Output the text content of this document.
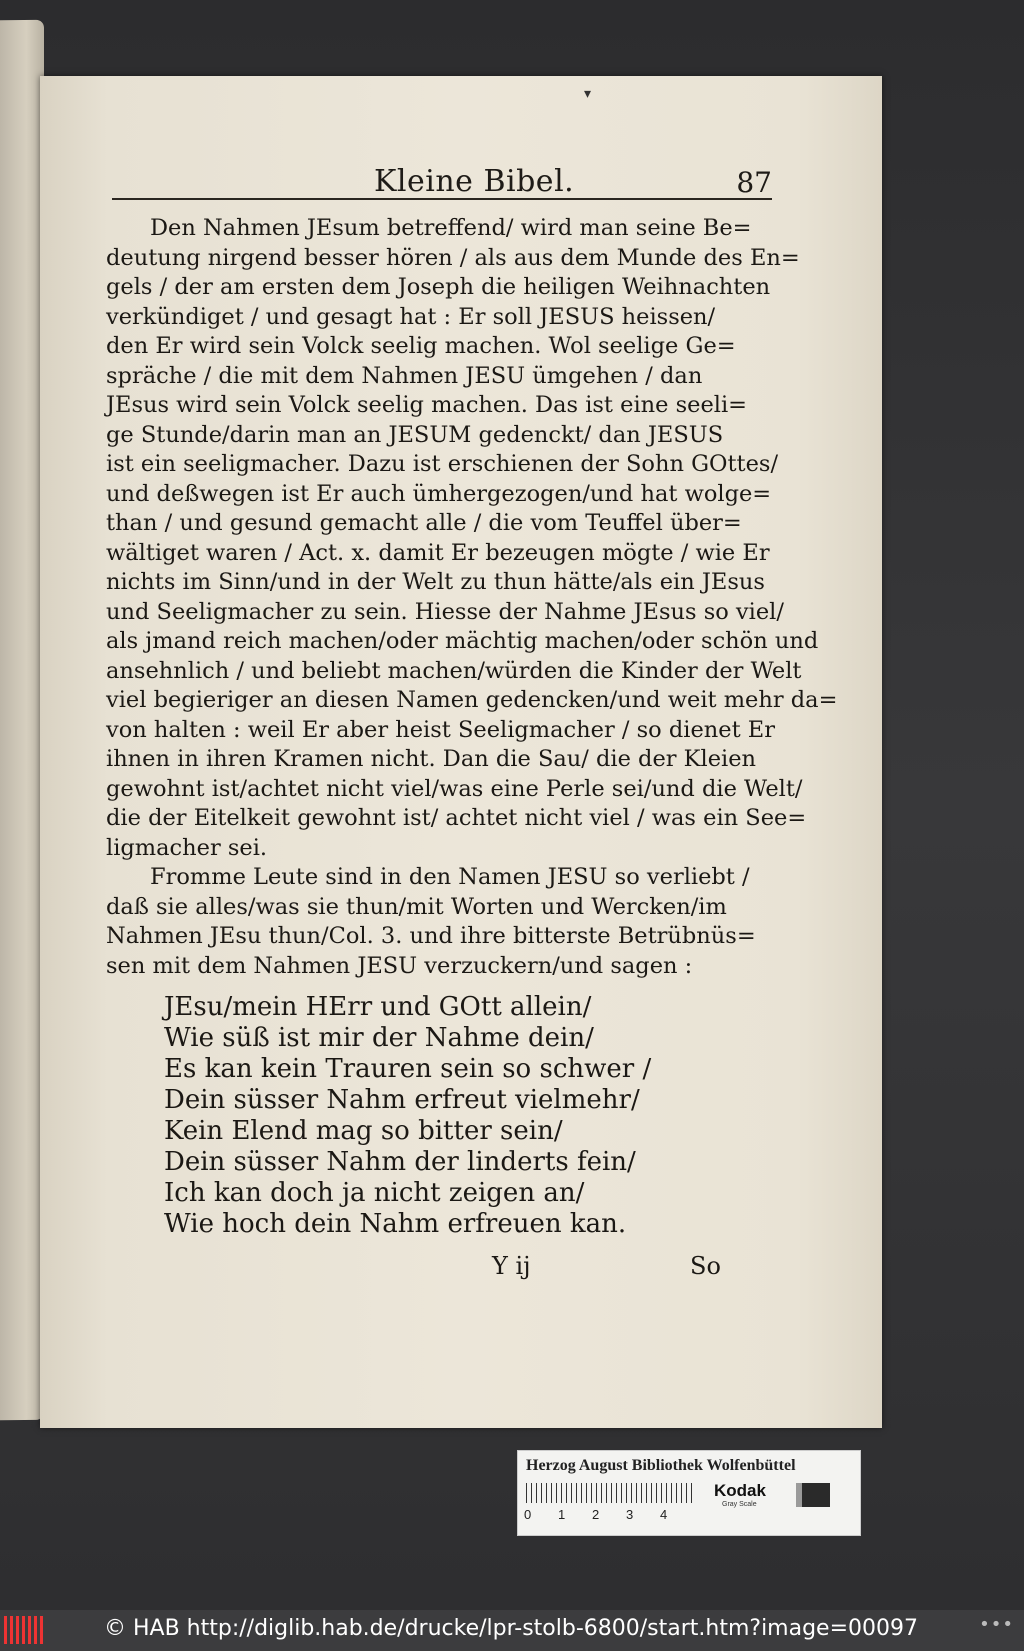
▾
Kleine Bibel.	87
Den Nahmen JEsum betreffend/ wird man seine Be=
deutung nirgend besser hören / als aus dem Munde des En=
gels / der am ersten dem Joseph die heiligen Weihnachten
verkündiget / und gesagt hat : Er soll JESUS heissen/
den Er wird sein Volck seelig machen. Wol seelige Ge=
spräche / die mit dem Nahmen JESU ümgehen / dan
JEsus wird sein Volck seelig machen. Das ist eine seeli=
ge Stunde/darin man an JESUM gedenckt/ dan JESUS
ist ein seeligmacher. Dazu ist erschienen der Sohn GOttes/
und deßwegen ist Er auch ümhergezogen/und hat wolge=
than / und gesund gemacht alle / die vom Teuffel über=
wältiget waren / Act. x. damit Er bezeugen mögte / wie Er
nichts im Sinn/und in der Welt zu thun hätte/als ein JEsus
und Seeligmacher zu sein. Hiesse der Nahme JEsus so viel/
als jmand reich machen/oder mächtig machen/oder schön und
ansehnlich / und beliebt machen/würden die Kinder der Welt
viel begieriger an diesen Namen gedencken/und weit mehr da=
von halten : weil Er aber heist Seeligmacher / so dienet Er
ihnen in ihren Kramen nicht. Dan die Sau/ die der Kleien
gewohnt ist/achtet nicht viel/was eine Perle sei/und die Welt/
die der Eitelkeit gewohnt ist/ achtet nicht viel / was ein See=
ligmacher sei.
Fromme Leute sind in den Namen JESU so verliebt /
daß sie alles/was sie thun/mit Worten und Wercken/im
Nahmen JEsu thun/Col. 3. und ihre bitterste Betrübnüs=
sen mit dem Nahmen JESU verzuckern/und sagen :
JEsu/mein HErr und GOtt allein/
Wie süß ist mir der Nahme dein/
Es kan kein Trauren sein so schwer /
Dein süsser Nahm erfreut vielmehr/
Kein Elend mag so bitter sein/
Dein süsser Nahm der linderts fein/
Ich kan doch ja nicht zeigen an/
Wie hoch dein Nahm erfreuen kan.
Y ij	So
Herzog August Bibliothek Wolfenbüttel
0 1 2 3 4
Kodak
Gray Scale
© HAB http://diglib.hab.de/drucke/lpr-stolb-6800/start.htm?image=00097	•••
